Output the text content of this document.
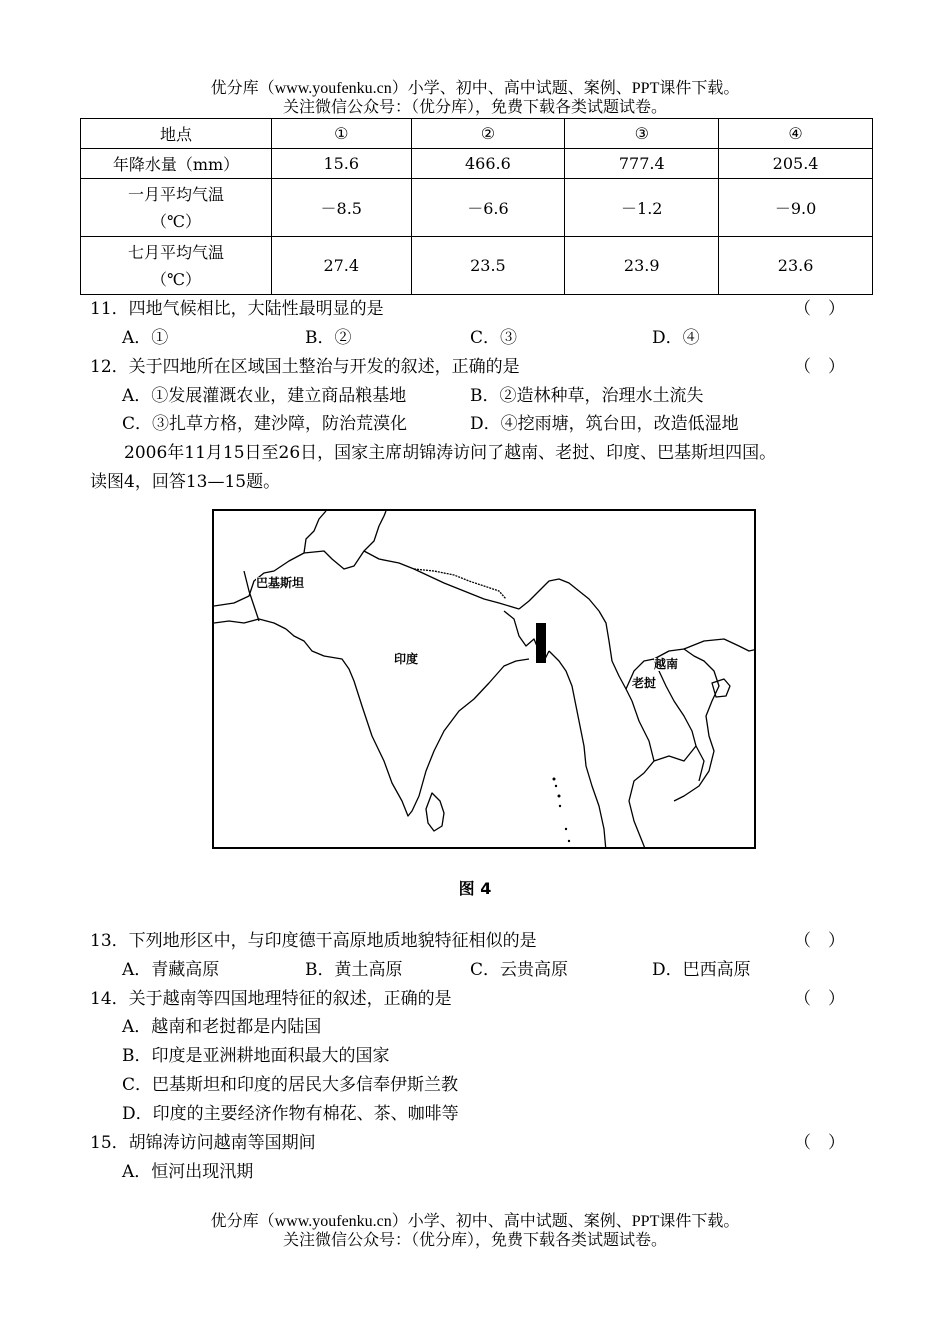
优分库（www.youfenku.cn）小学、初中、高中试题、案例、PPT课件下载。
关注微信公众号：（优分库），免费下载各类试题试卷。
地点	①	②	③	④
年降水量（mm）	15.6	466.6	777.4	205.4
一月平均气温
（℃）	－8.5	－6.6	－1.2	－9.0
七月平均气温
（℃）	27.4	23.5	23.9	23.6
11．四地气候相比，大陆性最明显的是	（　）
A．①	B．②	C．③	D．④
12．关于四地所在区域国土整治与开发的叙述，正确的是	（　）
A．①发展灌溉农业，建立商品粮基地	B．②造林种草，治理水土流失
C．③扎草方格，建沙障，防治荒漠化	D．④挖雨塘，筑台田，改造低湿地
2006年11月15日至26日，国家主席胡锦涛访问了越南、老挝、印度、巴基斯坦四国。
读图4，回答13—15题。
巴基斯坦
印度	越南
老挝
图 4
13．下列地形区中，与印度德干高原地质地貌特征相似的是	（　）
A．青藏高原	B．黄土高原	C．云贵高原	D．巴西高原
14．关于越南等四国地理特征的叙述，正确的是	（　）
A．越南和老挝都是内陆国
B．印度是亚洲耕地面积最大的国家
C．巴基斯坦和印度的居民大多信奉伊斯兰教
D．印度的主要经济作物有棉花、茶、咖啡等
15．胡锦涛访问越南等国期间	（　）
A．恒河出现汛期
优分库（www.youfenku.cn）小学、初中、高中试题、案例、PPT课件下载。
关注微信公众号：（优分库），免费下载各类试题试卷。
